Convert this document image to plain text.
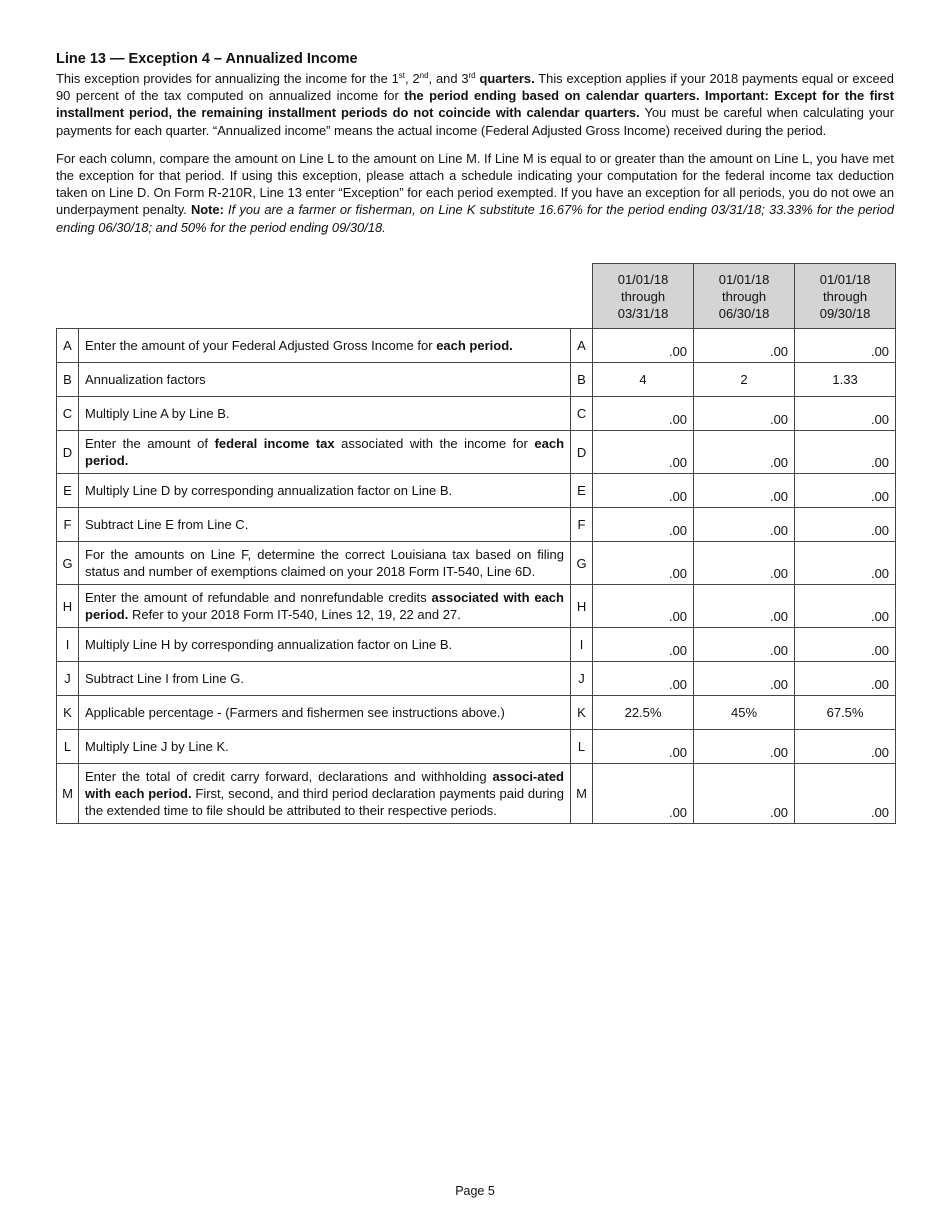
Line 13 — Exception 4 – Annualized Income

This exception provides for annualizing the income for the 1st, 2nd, and 3rd quarters. This exception applies if your 2018 payments equal or exceed 90 percent of the tax computed on annualized income for the period ending based on calendar quarters. Important: Except for the first installment period, the remaining installment periods do not coincide with calendar quarters. You must be careful when calculating your payments for each quarter. “Annualized income” means the actual income (Federal Adjusted Gross Income) received during the period.

For each column, compare the amount on Line L to the amount on Line M. If Line M is equal to or greater than the amount on Line L, you have met the exception for that period. If using this exception, please attach a schedule indicating your computation for the federal income tax deduction taken on Line D. On Form R-210R, Line 13 enter “Exception” for each period exempted. If you have an exception for all periods, you do not owe an underpayment penalty. Note: If you are a farmer or fisherman, on Line K substitute 16.67% for the period ending 03/31/18; 33.33% for the period ending 06/30/18; and 50% for the period ending 09/30/18.

			01/01/18
through
03/31/18	01/01/18
through
06/30/18	01/01/18
through
09/30/18
A	Enter the amount of your Federal Adjusted Gross Income for each period.	A	.00	.00	.00
B	Annualization factors	B	4	2	1.33
C	Multiply Line A by Line B.	C	.00	.00	.00
D	Enter the amount of federal income tax associated with the income for each period.	D	.00	.00	.00
E	Multiply Line D by corresponding annualization factor on Line B.	E	.00	.00	.00
F	Subtract Line E from Line C.	F	.00	.00	.00
G	For the amounts on Line F, determine the correct Louisiana tax based on filing status and number of exemptions claimed on your 2018 Form IT-540, Line 6D.	G	.00	.00	.00
H	Enter the amount of refundable and nonrefundable credits associated with each period. Refer to your 2018 Form IT-540, Lines 12, 19, 22 and 27.	H	.00	.00	.00
I	Multiply Line H by corresponding annualization factor on Line B.	I	.00	.00	.00
J	Subtract Line I from Line G.	J	.00	.00	.00
K	Applicable percentage - (Farmers and fishermen see instructions above.)	K	22.5%	45%	67.5%
L	Multiply Line J by Line K.	L	.00	.00	.00
M	Enter the total of credit carry forward, declarations and withholding associ-ated with each period. First, second, and third period declaration payments paid during the extended time to file should be attributed to their respective periods.	M	.00	.00	.00
Page 5
